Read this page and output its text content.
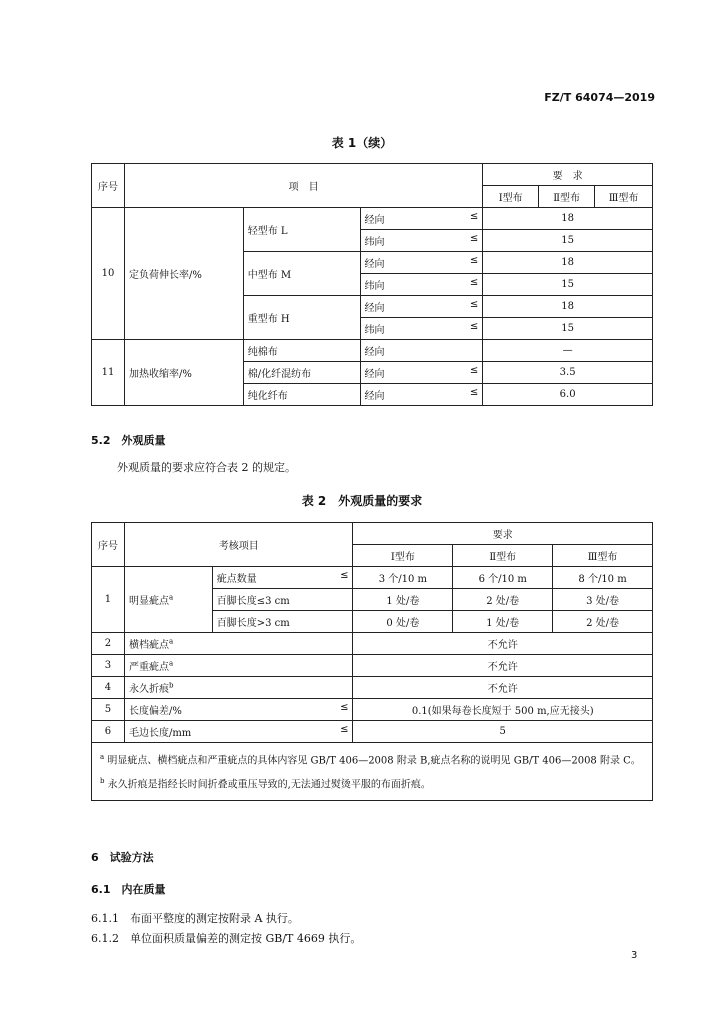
FZ/T 64074—2019
表 1（续）
序号	项　目			要　求		
				Ⅰ型布	Ⅱ型布	Ⅲ型布
10	定负荷伸长率/%	轻型布 L	经向 ≤	18		
			纬向 ≤	15		
		中型布 M	经向 ≤	18		
			纬向 ≤	15		
		重型布 H	经向 ≤	18		
			纬向 ≤	15		
11	加热收缩率/%	纯棉布	经向	—		
		棉/化纤混纺布	经向 ≤	3.5		
		纯化纤布	经向 ≤	6.0		
5.2　外观质量
外观质量的要求应符合表 2 的规定。
表 2　外观质量的要求
序号	考核项目		要求		
			Ⅰ型布	Ⅱ型布	Ⅲ型布
1	明显疵点$^a$	疵点数量 ≤	3 个/10 m	6 个/10 m	8 个/10 m
		百脚长度≤3 cm	1 处/卷	2 处/卷	3 处/卷
		百脚长度>3 cm	0 处/卷	1 处/卷	2 处/卷
2	横档疵点$^a$		不允许		
3	严重疵点$^a$		不允许		
4	永久折痕$^b$		不允许		
5	长度偏差/% ≤		0.1(如果每卷长度短于 500 m,应无接头)		
6	毛边长度/mm ≤		5		

$^a$ 明显疵点、横档疵点和严重疵点的具体内容见 GB/T 406—2008 附录 B,疵点名称的说明见 GB/T 406—2008 附录 C。
$^b$ 永久折痕是指经长时间折叠或重压导致的,无法通过熨烫平服的布面折痕。					
6　试验方法
6.1　内在质量
6.1.1　布面平整度的测定按附录 A 执行。
6.1.2　单位面积质量偏差的测定按 GB/T 4669 执行。
3
